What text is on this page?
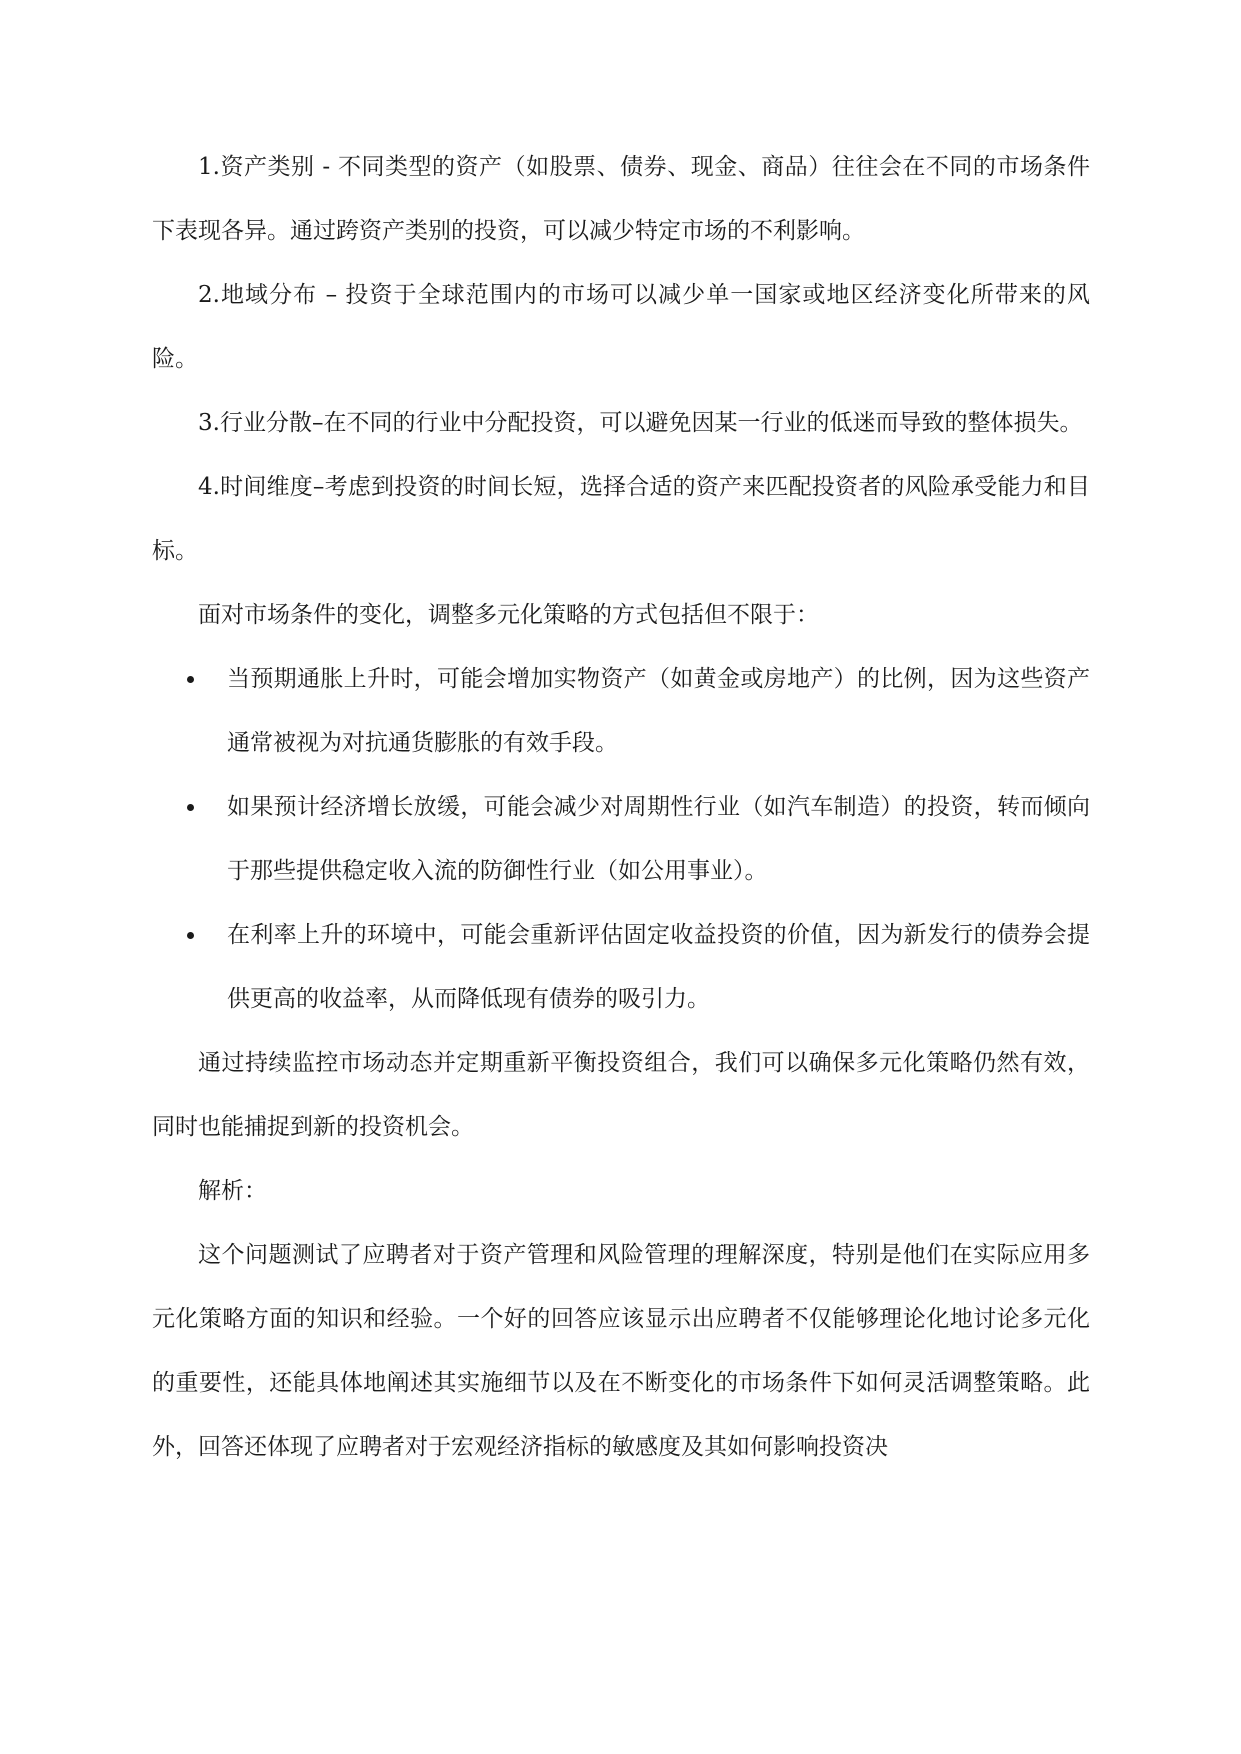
1.资产类别 - 不同类型的资产（如股票、债券、现金、商品）往往会在不同的市场条件下表现各异。通过跨资产类别的投资，可以减少特定市场的不利影响。

2.地域分布 – 投资于全球范围内的市场可以减少单一国家或地区经济变化所带来的风险。

3.行业分散–在不同的行业中分配投资，可以避免因某一行业的低迷而导致的整体损失。

4.时间维度–考虑到投资的时间长短，选择合适的资产来匹配投资者的风险承受能力和目标。

面对市场条件的变化，调整多元化策略的方式包括但不限于：

当预期通胀上升时，可能会增加实物资产（如黄金或房地产）的比例，因为这些资产通常被视为对抗通货膨胀的有效手段。
如果预计经济增长放缓，可能会减少对周期性行业（如汽车制造）的投资，转而倾向于那些提供稳定收入流的防御性行业（如公用事业）。
在利率上升的环境中，可能会重新评估固定收益投资的价值，因为新发行的债券会提供更高的收益率，从而降低现有债券的吸引力。

通过持续监控市场动态并定期重新平衡投资组合，我们可以确保多元化策略仍然有效，同时也能捕捉到新的投资机会。

解析：

这个问题测试了应聘者对于资产管理和风险管理的理解深度，特别是他们在实际应用多元化策略方面的知识和经验。一个好的回答应该显示出应聘者不仅能够理论化地讨论多元化的重要性，还能具体地阐述其实施细节以及在不断变化的市场条件下如何灵活调整策略。此外，回答还体现了应聘者对于宏观经济指标的敏感度及其如何影响投资决
